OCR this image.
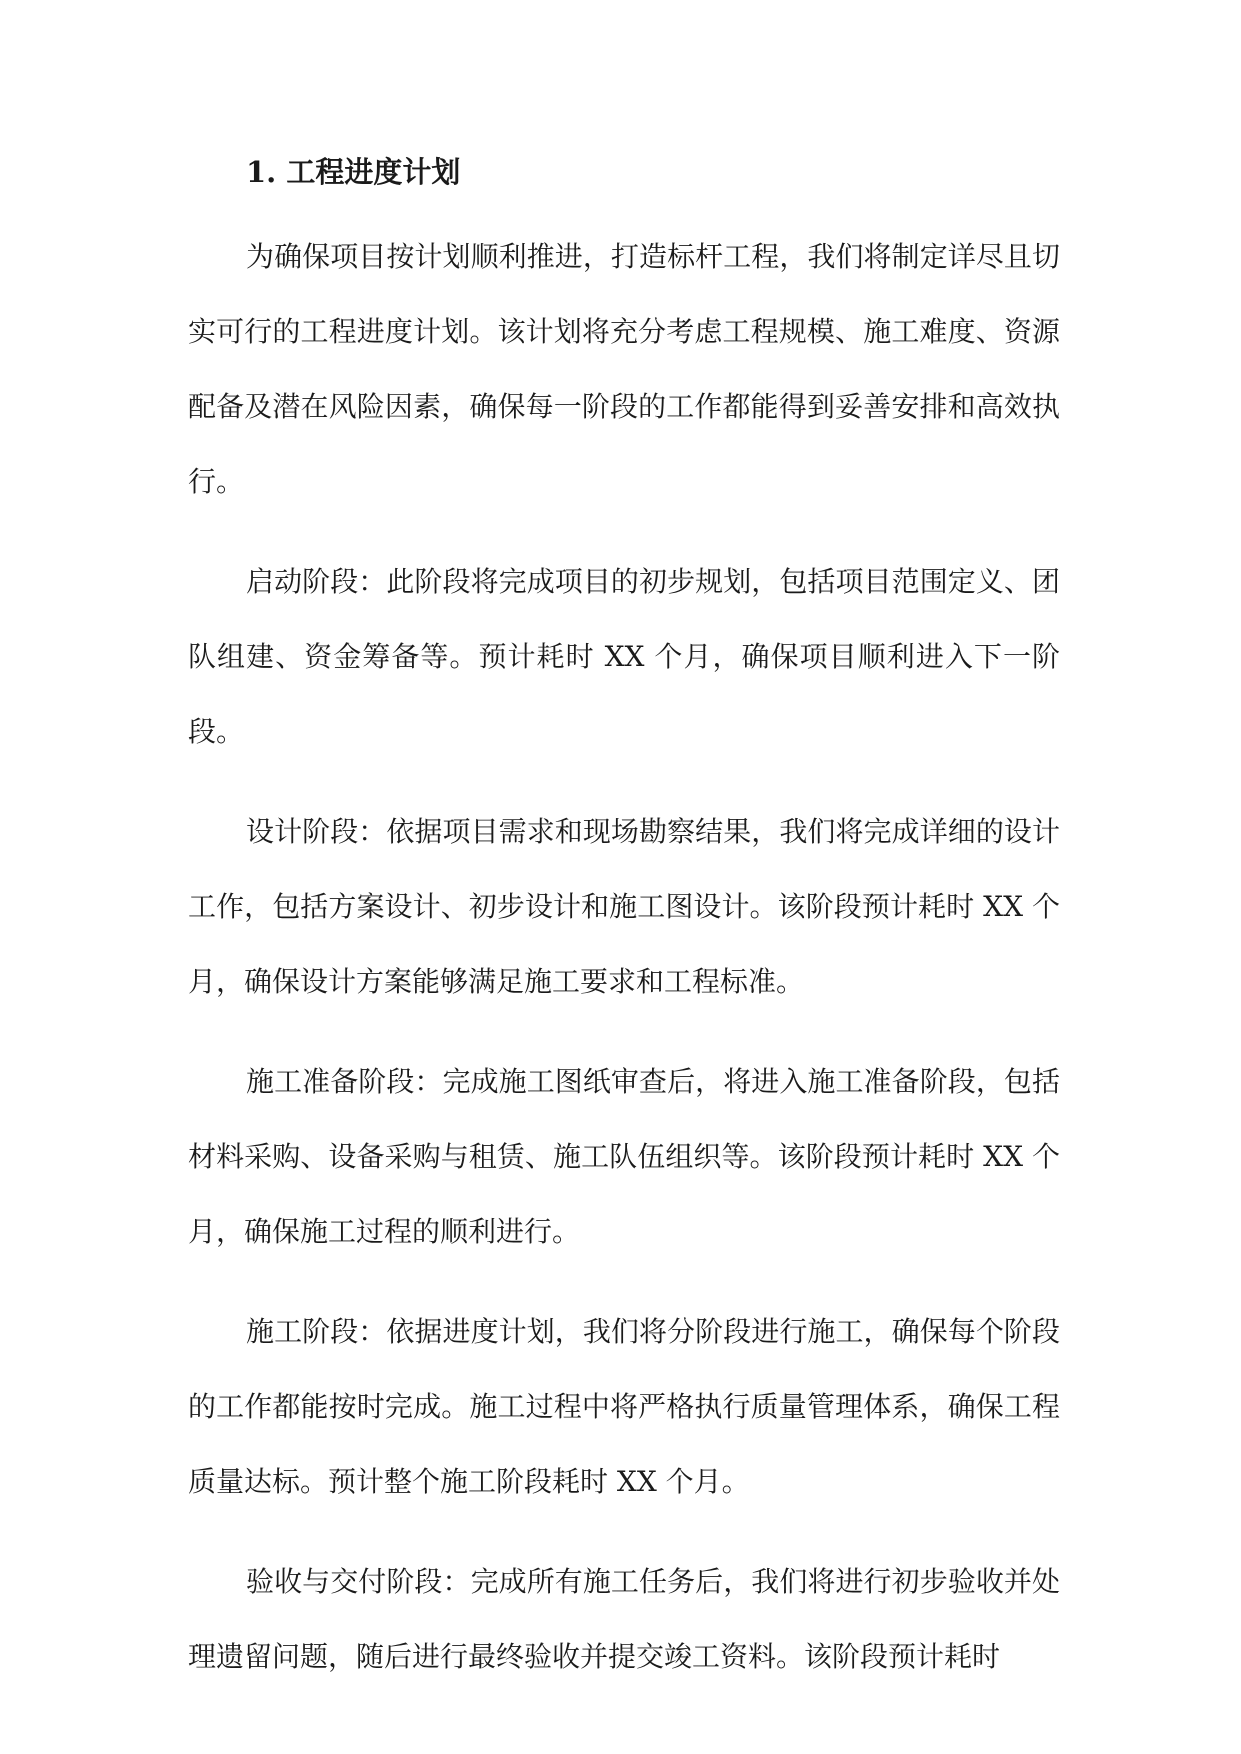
1. 工程进度计划

为确保项目按计划顺利推进，打造标杆工程，我们将制定详尽且切实可行的工程进度计划。该计划将充分考虑工程规模、施工难度、资源配备及潜在风险因素，确保每一阶段的工作都能得到妥善安排和高效执行。

启动阶段：此阶段将完成项目的初步规划，包括项目范围定义、团队组建、资金筹备等。预计耗时 XX 个月，确保项目顺利进入下一阶段。

设计阶段：依据项目需求和现场勘察结果，我们将完成详细的设计工作，包括方案设计、初步设计和施工图设计。该阶段预计耗时 XX 个月，确保设计方案能够满足施工要求和工程标准。

施工准备阶段：完成施工图纸审查后，将进入施工准备阶段，包括材料采购、设备采购与租赁、施工队伍组织等。该阶段预计耗时 XX 个月，确保施工过程的顺利进行。

施工阶段：依据进度计划，我们将分阶段进行施工，确保每个阶段的工作都能按时完成。施工过程中将严格执行质量管理体系，确保工程质量达标。预计整个施工阶段耗时 XX 个月。

验收与交付阶段：完成所有施工任务后，我们将进行初步验收并处理遗留问题，随后进行最终验收并提交竣工资料。该阶段预计耗时
